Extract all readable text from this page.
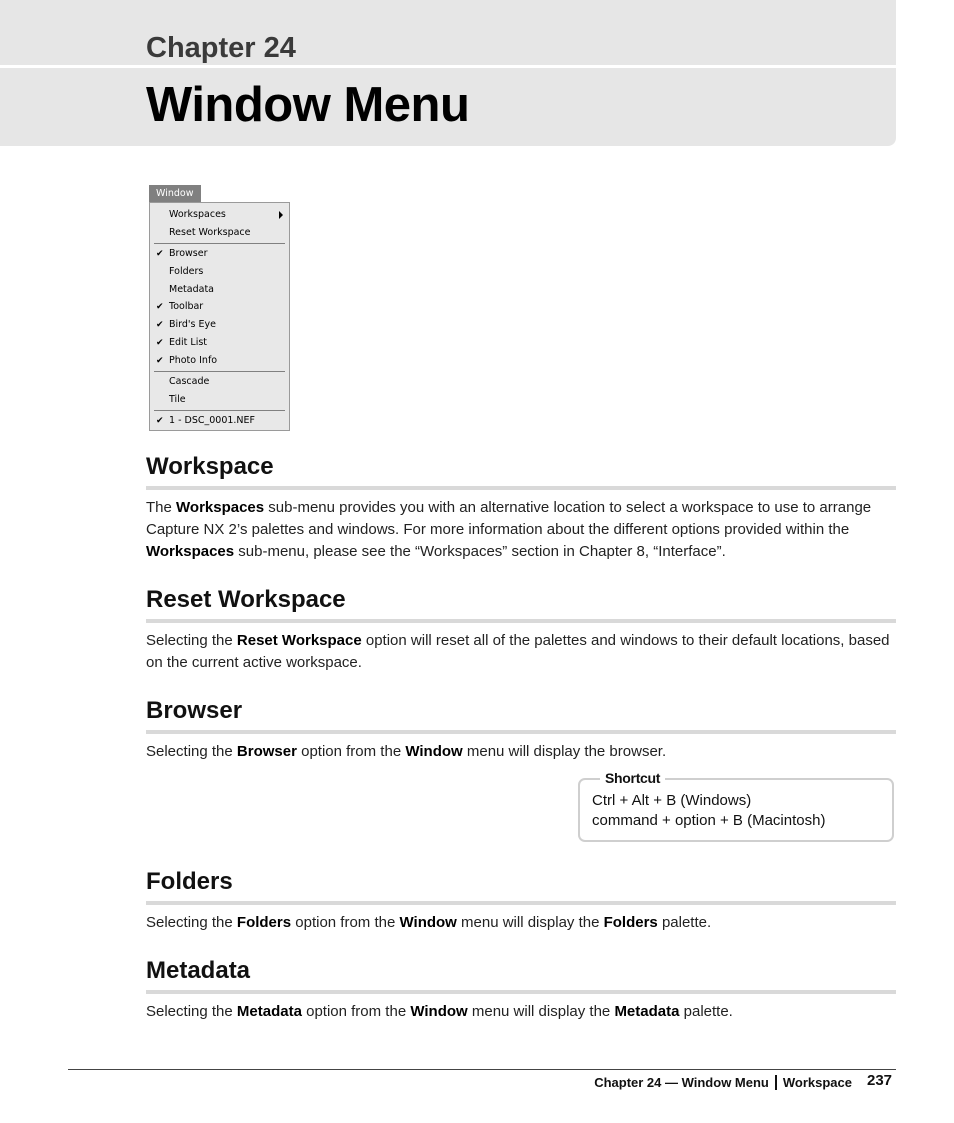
Chapter 24
Window Menu
Window
Workspaces
Reset Workspace
✔ Browser
Folders
Metadata
✔ Toolbar
✔ Bird's Eye
✔ Edit List
✔ Photo Info
Cascade
Tile
✔ 1 - DSC_0001.NEF
Workspace

The Workspaces sub-menu provides you with an alternative location to select a workspace to use to arrange Capture NX 2’s palettes and windows. For more information about the different options provided within the Workspaces sub-menu, please see the “Workspaces” section in Chapter 8, “Interface”.

Reset Workspace

Selecting the Reset Workspace option will reset all of the palettes and windows to their default locations, based on the current active workspace.

Browser

Selecting the Browser option from the Window menu will display the browser.

Shortcut
Ctrl + Alt + B (Windows)
command + option + B (Macintosh)
Folders

Selecting the Folders option from the Window menu will display the Folders palette.

Metadata

Selecting the Metadata option from the Window menu will display the Metadata palette.

Chapter 24 — Window Menu Workspace 237
